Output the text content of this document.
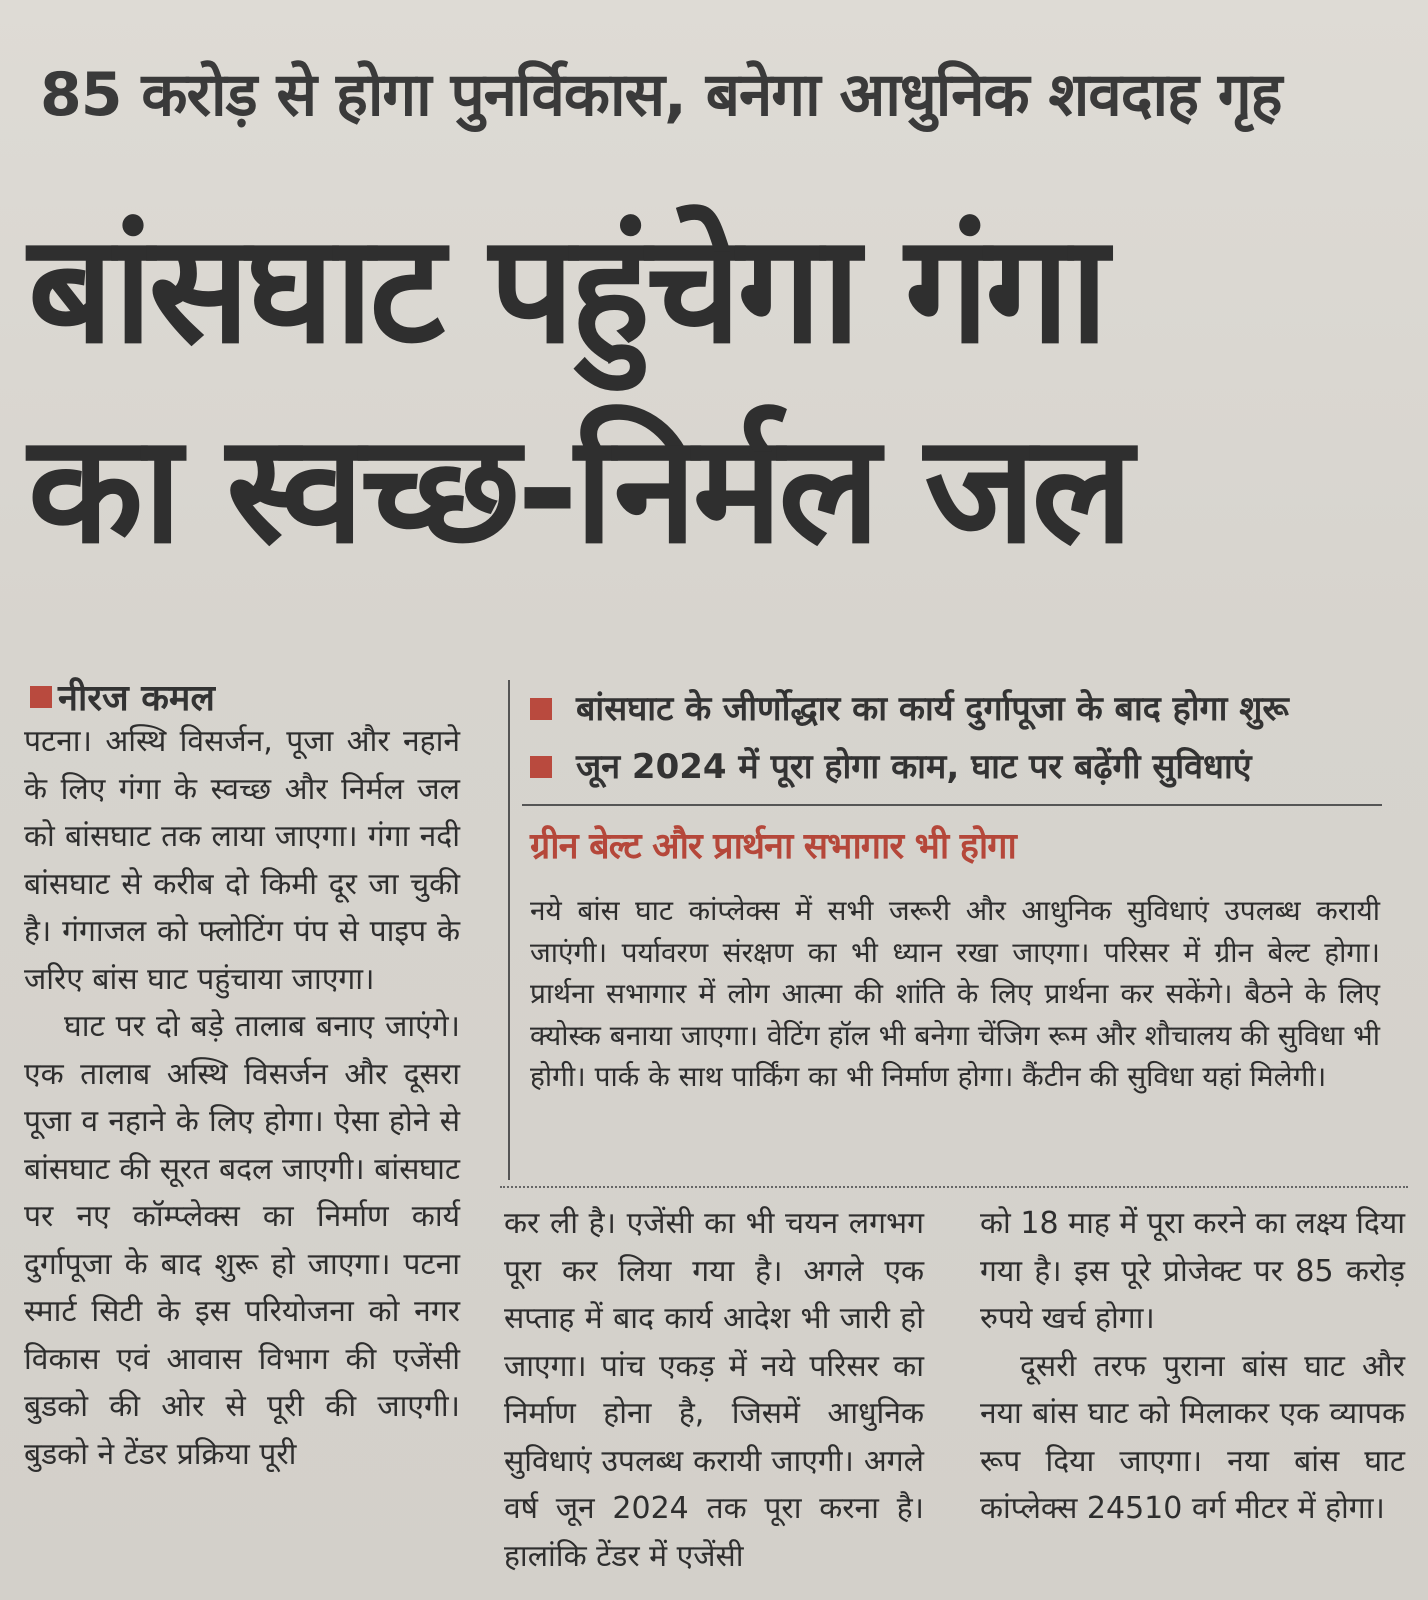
85 करोड़ से होगा पुनर्विकास, बनेगा आधुनिक शवदाह गृह
बांसघाट पहुंचेगा गंगा
का स्वच्छ-निर्मल जल
नीरज कमल

पटना। अस्थि विसर्जन, पूजा और नहाने के लिए गंगा के स्वच्छ और निर्मल जल को बांसघाट तक लाया जाएगा। गंगा नदी बांसघाट से करीब दो किमी दूर जा चुकी है। गंगाजल को फ्लोटिंग पंप से पाइप के जरिए बांस घाट पहुंचाया जाएगा।

घाट पर दो बड़े तालाब बनाए जाएंगे। एक तालाब अस्थि विसर्जन और दूसरा पूजा व नहाने के लिए होगा। ऐसा होने से बांसघाट की सूरत बदल जाएगी। बांसघाट पर नए कॉम्प्लेक्स का निर्माण कार्य दुर्गापूजा के बाद शुरू हो जाएगा। पटना स्मार्ट सिटी के इस परियोजना को नगर विकास एवं आवास विभाग की एजेंसी बुडको की ओर से पूरी की जाएगी। बुडको ने टेंडर प्रक्रिया पूरी

बांसघाट के जीर्णोद्धार का कार्य दुर्गापूजा के बाद होगा शुरू
जून 2024 में पूरा होगा काम, घाट पर बढ़ेंगी सुविधाएं
ग्रीन बेल्ट और प्रार्थना सभागार भी होगा

नये बांस घाट कांप्लेक्स में सभी जरूरी और आधुनिक सुविधाएं उपलब्ध करायी जाएंगी। पर्यावरण संरक्षण का भी ध्यान रखा जाएगा। परिसर में ग्रीन बेल्ट होगा। प्रार्थना सभागार में लोग आत्मा की शांति के लिए प्रार्थना कर सकेंगे। बैठने के लिए क्योस्क बनाया जाएगा। वेटिंग हॉल भी बनेगा चेंजिग रूम और शौचालय की सुविधा भी होगी। पार्क के साथ पार्किंग का भी निर्माण होगा। कैंटीन की सुविधा यहां मिलेगी।

कर ली है। एजेंसी का भी चयन लगभग पूरा कर लिया गया है। अगले एक सप्ताह में बाद कार्य आदेश भी जारी हो जाएगा। पांच एकड़ में नये परिसर का निर्माण होना है, जिसमें आधुनिक सुविधाएं उपलब्ध करायी जाएगी। अगले वर्ष जून 2024 तक पूरा करना है। हालांकि टेंडर में एजेंसी

को 18 माह में पूरा करने का लक्ष्य दिया गया है। इस पूरे प्रोजेक्ट पर 85 करोड़ रुपये खर्च होगा।

दूसरी तरफ पुराना बांस घाट और नया बांस घाट को मिलाकर एक व्यापक रूप दिया जाएगा। नया बांस घाट कांप्लेक्स 24510 वर्ग मीटर में होगा।
